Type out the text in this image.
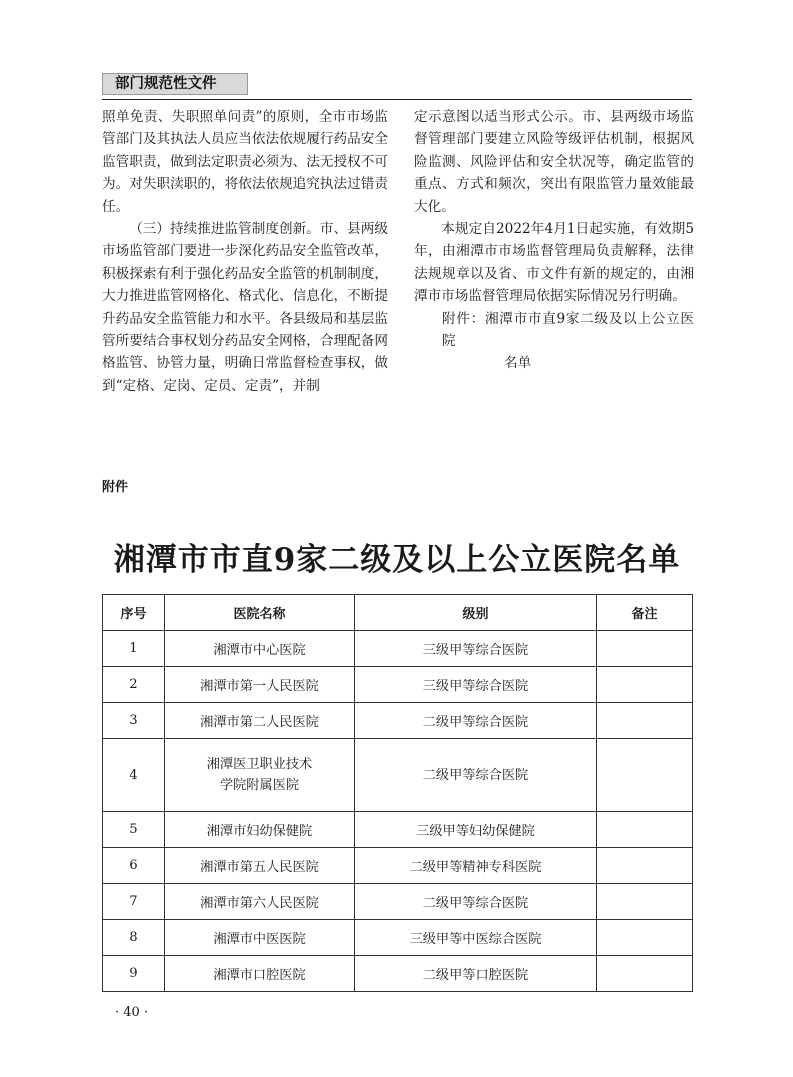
部门规范性文件

照单免责、失职照单问责”的原则，全市市场监管部门及其执法人员应当依法依规履行药品安全监管职责，做到法定职责必须为、法无授权不可为。对失职渎职的，将依法依规追究执法过错责任。

（三）持续推进监管制度创新。市、县两级市场监管部门要进一步深化药品安全监管改革，积极探索有利于强化药品安全监管的机制制度，大力推进监管网格化、格式化、信息化，不断提升药品安全监管能力和水平。各县级局和基层监管所要结合事权划分药品安全网格，合理配备网格监管、协管力量，明确日常监督检查事权，做到“定格、定岗、定员、定责”，并制

定示意图以适当形式公示。市、县两级市场监督管理部门要建立风险等级评估机制，根据风险监测、风险评估和安全状况等，确定监管的重点、方式和频次，突出有限监管力量效能最大化。

本规定自2022年4月1日起实施，有效期5年，由湘潭市市场监督管理局负责解释，法律法规规章以及省、市文件有新的规定的，由湘潭市市场监督管理局依据实际情况另行明确。

附件：湘潭市市直9家二级及以上公立医院
名单

附件
湘潭市市直9家二级及以上公立医院名单
序号	医院名称	级别	备注
1	湘潭市中心医院	三级甲等综合医院	
2	湘潭市第一人民医院	三级甲等综合医院	
3	湘潭市第二人民医院	二级甲等综合医院	
4	湘潭医卫职业技术
学院附属医院	二级甲等综合医院	
5	湘潭市妇幼保健院	三级甲等妇幼保健院	
6	湘潭市第五人民医院	二级甲等精神专科医院	
7	湘潭市第六人民医院	二级甲等综合医院	
8	湘潭市中医医院	三级甲等中医综合医院	
9	湘潭市口腔医院	二级甲等口腔医院	
· 40 ·
